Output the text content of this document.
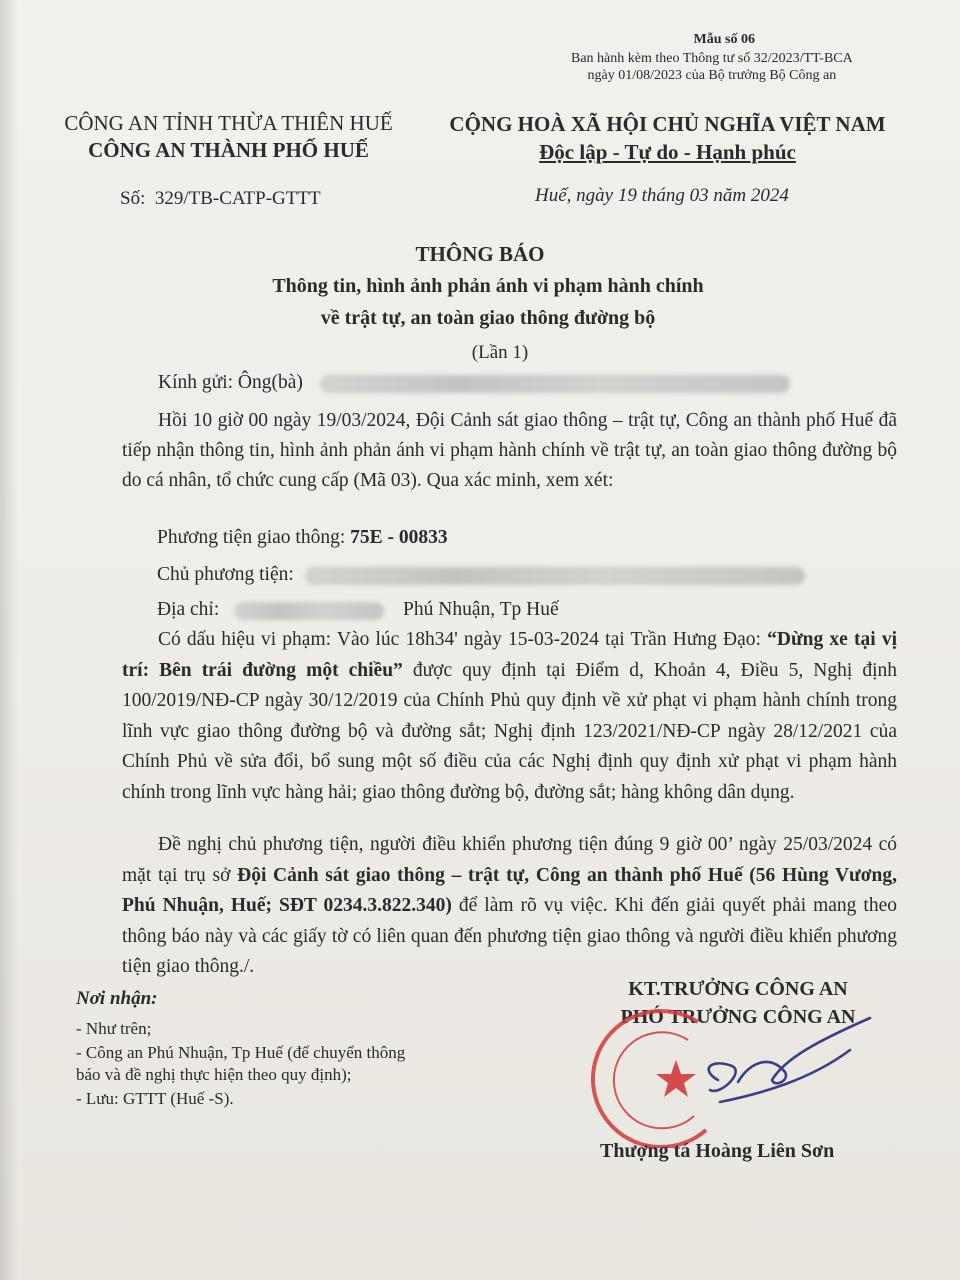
Mẫu số 06
Ban hành kèm theo Thông tư số 32/2023/TT-BCA
ngày 01/08/2023 của Bộ trưởng Bộ Công an
CÔNG AN TỈNH THỪA THIÊN HUẾ
CÔNG AN THÀNH PHỐ HUẾ
CỘNG HOÀ XÃ HỘI CHỦ NGHĨA VIỆT NAM
Độc lập - Tự do - Hạnh phúc
Số: 329/TB-CATP-GTTT	Huế, ngày 19 tháng 03 năm 2024
THÔNG BÁO
Thông tin, hình ảnh phản ánh vi phạm hành chính
về trật tự, an toàn giao thông đường bộ
(Lần 1)
Kính gửi: Ông(bà)
Hồi 10 giờ 00 ngày 19/03/2024, Đội Cảnh sát giao thông – trật tự, Công an thành phố Huế đã tiếp nhận thông tin, hình ảnh phản ánh vi phạm hành chính về trật tự, an toàn giao thông đường bộ do cá nhân, tổ chức cung cấp (Mã 03). Qua xác minh, xem xét:
Phương tiện giao thông: 75E - 00833
Chủ phương tiện:
Địa chỉ:	Phú Nhuận, Tp Huế
Có dấu hiệu vi phạm: Vào lúc 18h34' ngày 15-03-2024 tại Trần Hưng Đạo: “Dừng xe tại vị trí: Bên trái đường một chiều” được quy định tại Điểm d, Khoản 4, Điều 5, Nghị định 100/2019/NĐ-CP ngày 30/12/2019 của Chính Phủ quy định về xử phạt vi phạm hành chính trong lĩnh vực giao thông đường bộ và đường sắt; Nghị định 123/2021/NĐ-CP ngày 28/12/2021 của Chính Phủ về sửa đổi, bổ sung một số điều của các Nghị định quy định xử phạt vi phạm hành chính trong lĩnh vực hàng hải; giao thông đường bộ, đường sắt; hàng không dân dụng.
Đề nghị chủ phương tiện, người điều khiển phương tiện đúng 9 giờ 00’ ngày 25/03/2024 có mặt tại trụ sở Đội Cảnh sát giao thông – trật tự, Công an thành phố Huế (56 Hùng Vương, Phú Nhuận, Huế; SĐT 0234.3.822.340) để làm rõ vụ việc. Khi đến giải quyết phải mang theo thông báo này và các giấy tờ có liên quan đến phương tiện giao thông và người điều khiển phương tiện giao thông./.
Nơi nhận:
- Như trên;
- Công an Phú Nhuận, Tp Huế (để chuyển thông
báo và đề nghị thực hiện theo quy định);
- Lưu: GTTT (Huế -S).
KT.TRƯỞNG CÔNG AN
PHÓ TRƯỞNG CÔNG AN
Thượng tá Hoàng Liên Sơn
